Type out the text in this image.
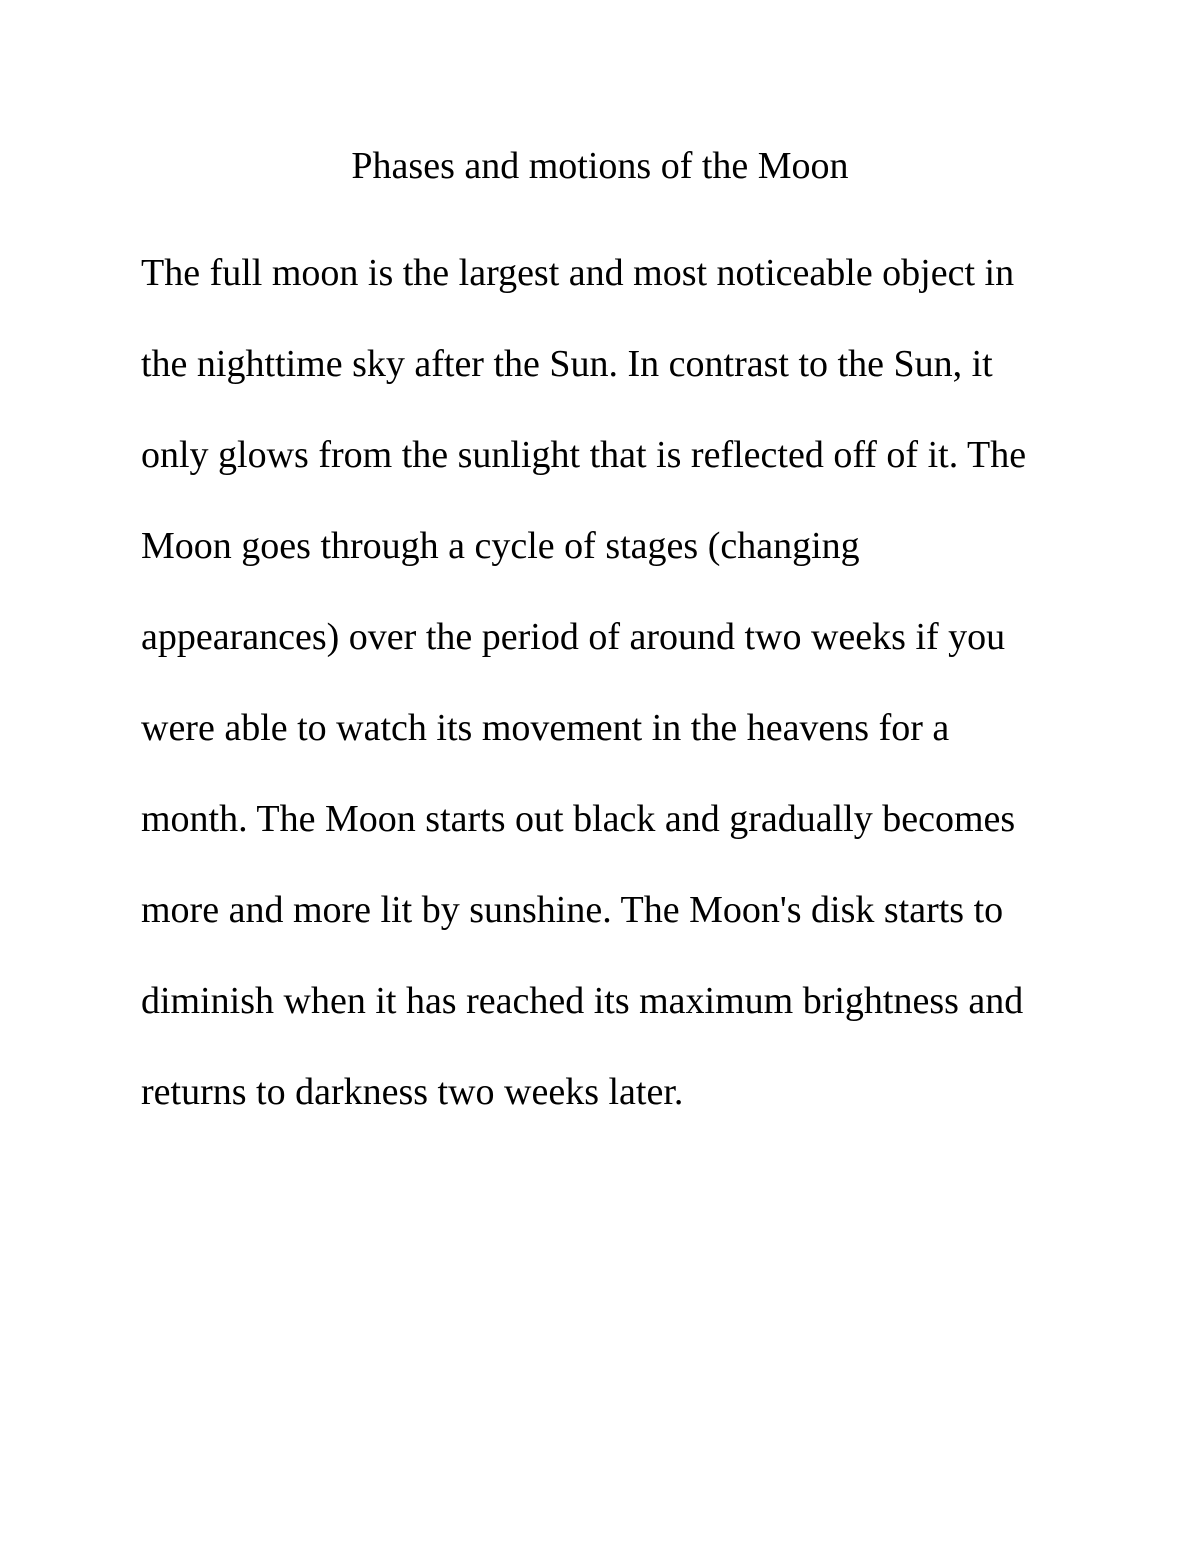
Phases and motions of the Moon
The full moon is the largest and most noticeable object in
the nighttime sky after the Sun. In contrast to the Sun, it
only glows from the sunlight that is reflected off of it. The
Moon goes through a cycle of stages (changing
appearances) over the period of around two weeks if you
were able to watch its movement in the heavens for a
month. The Moon starts out black and gradually becomes
more and more lit by sunshine. The Moon's disk starts to
diminish when it has reached its maximum brightness and
returns to darkness two weeks later.
